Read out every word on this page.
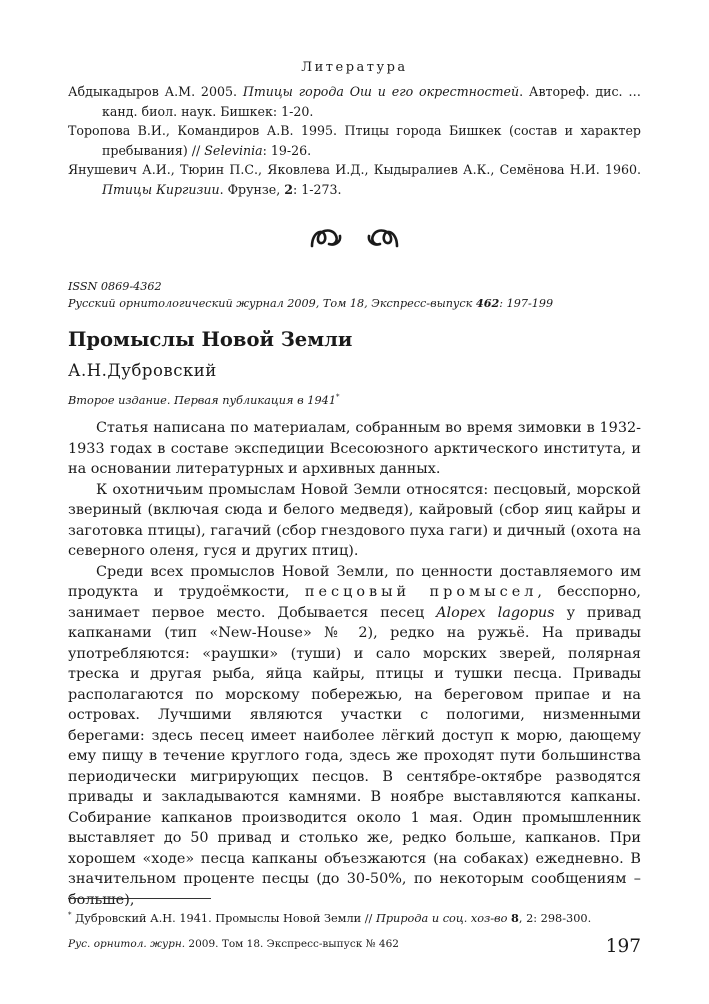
Литература
Абдыкадыров А.М. 2005. Птицы города Ош и его окрестностей. Автореф. дис. … канд. биол. наук. Бишкек: 1-20.
Торопова В.И., Командиров А.В. 1995. Птицы города Бишкек (состав и характер пребывания) // Selevinia: 19-26.
Янушевич А.И., Тюрин П.С., Яковлева И.Д., Кыдыралиев А.К., Семёнова Н.И. 1960. Птицы Киргизии. Фрунзе, 2: 1-273.

ISSN 0869-4362
Русский орнитологический журнал 2009, Том 18, Экспресс-выпуск 462: 197-199
Промыслы Новой Земли
А.Н.Дубровский
Второе издание. Первая публикация в 1941*

Статья написана по материалам, собранным во время зимовки в 1932-1933 годах в составе экспедиции Всесоюзного арктического института, и на основании литературных и архивных данных.

К охотничьим промыслам Новой Земли относятся: песцовый, морской звериный (включая сюда и белого медведя), кайровый (сбор яиц кайры и заготовка птицы), гагачий (сбор гнездового пуха гаги) и дичный (охота на северного оленя, гуся и других птиц).

Среди всех промыслов Новой Земли, по ценности доставляемого им продукта и трудоёмкости, песцовый промысел, бесспорно, занимает первое место. Добывается песец Alopex lagopus у привад капканами (тип «New-House» № 2), редко на ружьё. На привады употребляются: «раушки» (туши) и сало морских зверей, полярная треска и другая рыба, яйца кайры, птицы и тушки песца. Привады располагаются по морскому побережью, на береговом припае и на островах. Лучшими являются участки с пологими, низменными берегами: здесь песец имеет наиболее лёгкий доступ к морю, дающему ему пищу в течение круглого года, здесь же проходят пути большинства периодически мигрирующих песцов. В сентябре-октябре разводятся привады и закладываются камнями. В ноябре выставляются капканы. Собирание капканов производится около 1 мая. Один промышленник выставляет до 50 привад и столько же, редко больше, капканов. При хорошем «ходе» песца капканы объезжаются (на собаках) ежедневно. В значительном проценте песцы (до 30-50%, по некоторым сообщениям – больше),

* Дубровский А.Н. 1941. Промыслы Новой Земли // Природа и соц. хоз-во 8, 2: 298-300.
Рус. орнитол. журн. 2009. Том 18. Экспресс-выпуск № 462	197
